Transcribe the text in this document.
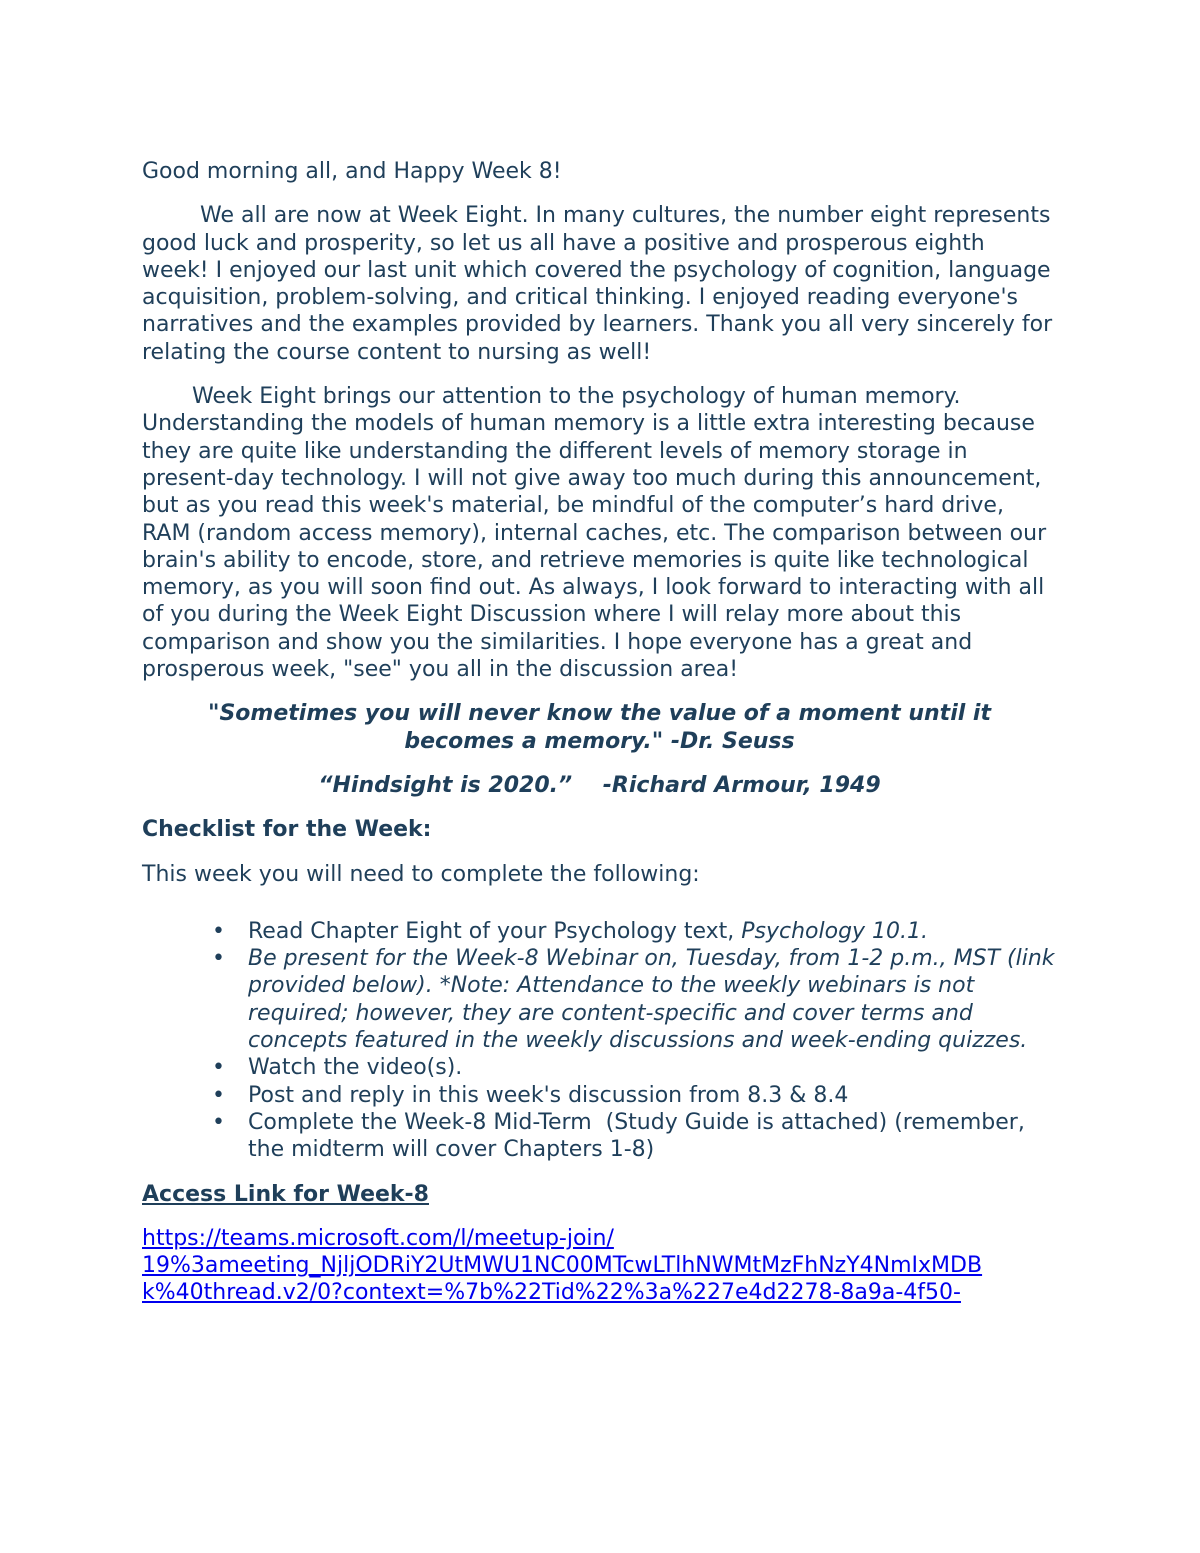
Good morning all, and Happy Week 8!

We all are now at Week Eight. In many cultures, the number eight represents good luck and prosperity, so let us all have a positive and prosperous eighth week! I enjoyed our last unit which covered the psychology of cognition, language acquisition, problem-solving, and critical thinking. I enjoyed reading everyone's narratives and the examples provided by learners. Thank you all very sincerely for relating the course content to nursing as well!

Week Eight brings our attention to the psychology of human memory. Understanding the models of human memory is a little extra interesting because they are quite like understanding the different levels of memory storage in present-day technology. I will not give away too much during this announcement, but as you read this week's material, be mindful of the computer’s hard drive, RAM (random access memory), internal caches, etc. The comparison between our brain's ability to encode, store, and retrieve memories is quite like technological memory, as you will soon find out. As always, I look forward to interacting with all of you during the Week Eight Discussion where I will relay more about this comparison and show you the similarities. I hope everyone has a great and prosperous week, "see" you all in the discussion area!

"Sometimes you will never know the value of a moment until it
becomes a memory." -Dr. Seuss

“Hindsight is 2020.”    -Richard Armour, 1949

Checklist for the Week:

This week you will need to complete the following:

• Read Chapter Eight of your Psychology text, Psychology 10.1.
• Be present for the Week-8 Webinar on, Tuesday, from 1-2 p.m., MST (link provided below). *Note: Attendance to the weekly webinars is not required; however, they are content-specific and cover terms and concepts featured in the weekly discussions and week-ending quizzes.
• Watch the video(s).
• Post and reply in this week's discussion from 8.3 & 8.4
• Complete the Week-8 Mid-Term  (Study Guide is attached) (remember, the midterm will cover Chapters 1-8)

Access Link for Week-8

https://teams.microsoft.com/l/meetup-join/
19%3ameeting_NjljODRiY2UtMWU1NC00MTcwLTlhNWMtMzFhNzY4NmIxMDB
k%40thread.v2/0?context=%7b%22Tid%22%3a%227e4d2278-8a9a-4f50-
